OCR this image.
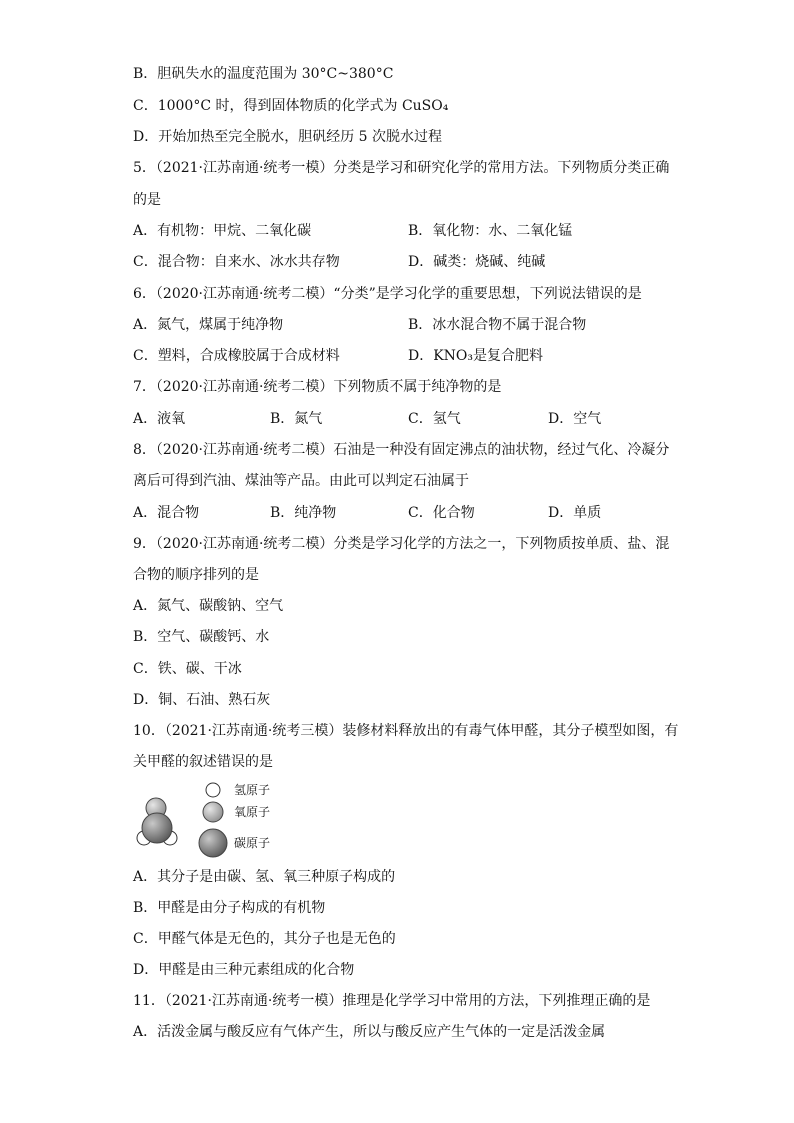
B．胆矾失水的温度范围为 30°C~380°C
C．1000°C 时，得到固体物质的化学式为 CuSO₄
D．开始加热至完全脱水，胆矾经历 5 次脱水过程
5．（2021·江苏南通·统考一模）分类是学习和研究化学的常用方法。下列物质分类正确
的是
A．有机物：甲烷、二氧化碳	B．氧化物：水、二氧化锰
C．混合物：自来水、冰水共存物	D．碱类：烧碱、纯碱
6．（2020·江苏南通·统考二模）“分类”是学习化学的重要思想，下列说法错误的是
A．氮气，煤属于纯净物	B．冰水混合物不属于混合物
C．塑料，合成橡胶属于合成材料	D．KNO₃是复合肥料
7．（2020·江苏南通·统考二模）下列物质不属于纯净物的是
A．液氧	B．氮气	C．氢气	D．空气
8．（2020·江苏南通·统考二模）石油是一种没有固定沸点的油状物，经过气化、冷凝分
离后可得到汽油、煤油等产品。由此可以判定石油属于
A．混合物	B．纯净物	C．化合物	D．单质
9．（2020·江苏南通·统考二模）分类是学习化学的方法之一，下列物质按单质、盐、混
合物的顺序排列的是
A．氮气、碳酸钠、空气
B．空气、碳酸钙、水
C．铁、碳、干冰
D．铜、石油、熟石灰
10．（2021·江苏南通·统考三模）装修材料释放出的有毒气体甲醛，其分子模型如图，有
关甲醛的叙述错误的是
氢原子
氧原子
碳原子
A．其分子是由碳、氢、氧三种原子构成的
B．甲醛是由分子构成的有机物
C．甲醛气体是无色的，其分子也是无色的
D．甲醛是由三种元素组成的化合物
11．（2021·江苏南通·统考一模）推理是化学学习中常用的方法，下列推理正确的是
A．活泼金属与酸反应有气体产生，所以与酸反应产生气体的一定是活泼金属
